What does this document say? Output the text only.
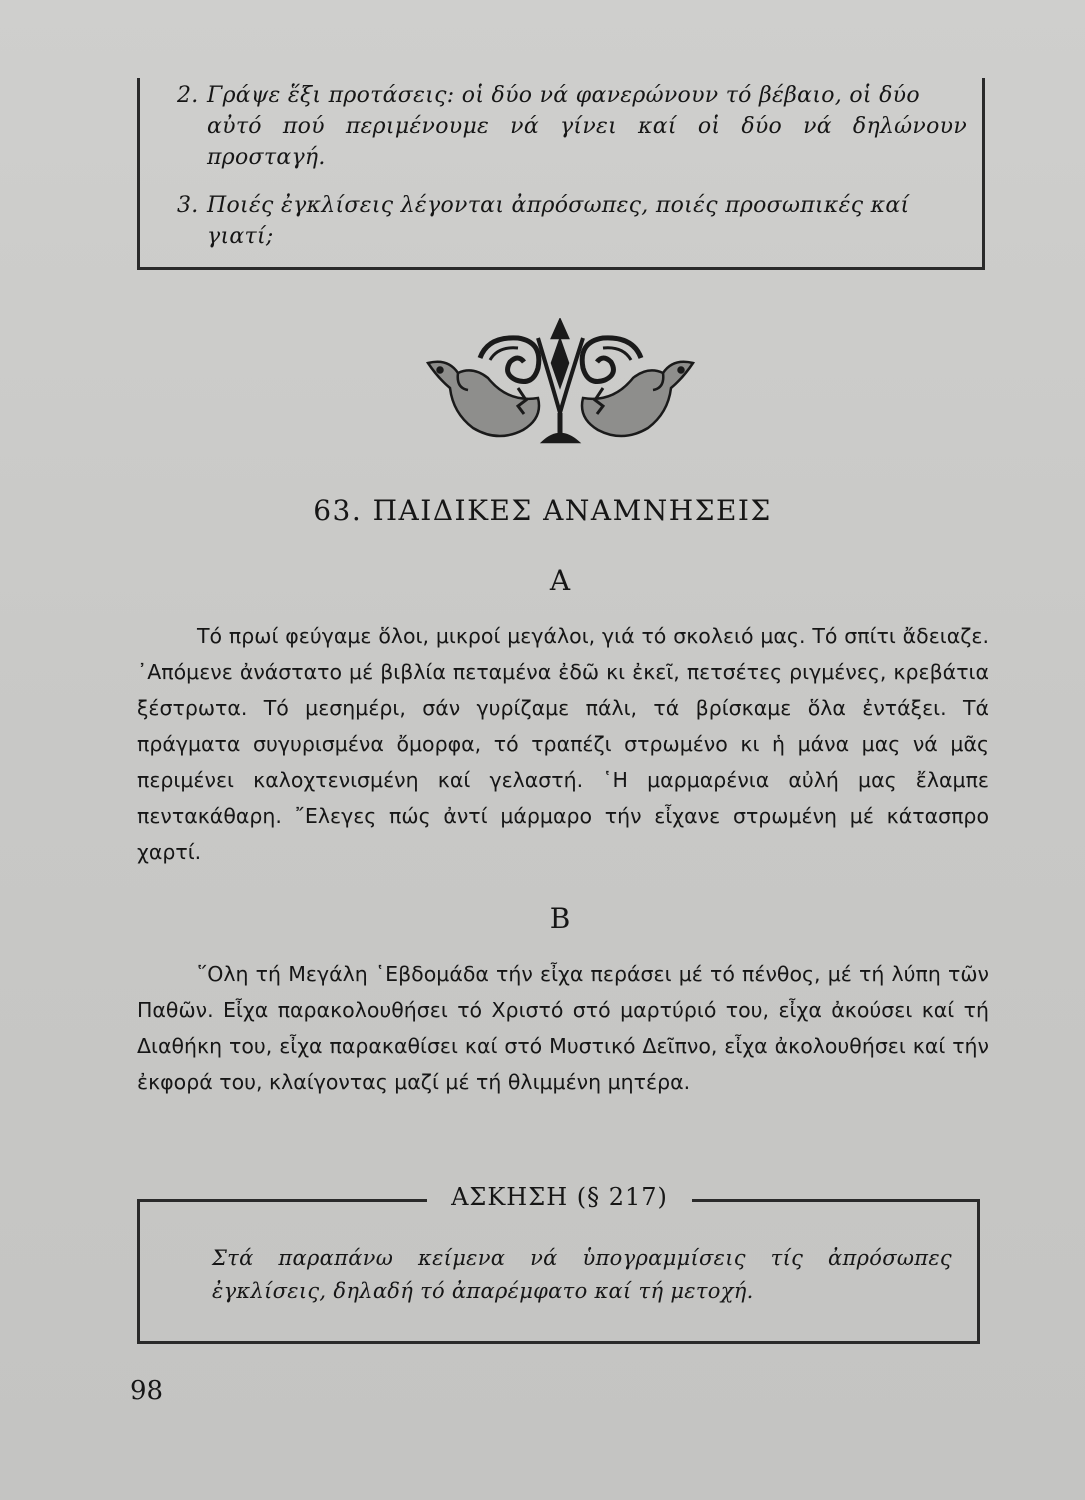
2. Γράψε ἕξι προτάσεις: οἱ δύο νά φανερώνουν τό βέβαιο, οἱ δύο
αὐτό πού περιμένουμε νά γίνει καί οἱ δύο νά δηλώνουν προσταγή.
3. Ποιές ἐγκλίσεις λέγονται ἀπρόσωπες, ποιές προσωπικές καί
γιατί;
63. ΠΑΙΔΙΚΕΣ ΑΝΑΜΝΗΣΕΙΣ
Α

Τό πρωί φεύγαμε ὅλοι, μικροί μεγάλοι, γιά τό σκολειό μας. Τό σπίτι ἄδειαζε. ᾿Απόμενε ἀνάστατο μέ βιβλία πεταμένα ἐδῶ κι ἐκεῖ, πετσέτες ριγμένες, κρεβάτια ξέστρωτα. Τό μεσημέρι, σάν γυρίζαμε πάλι, τά βρίσκαμε ὅλα ἐντάξει. Τά πράγματα συγυρισμένα ὄμορφα, τό τραπέζι στρωμένο κι ἡ μάνα μας νά μᾶς περιμένει καλοχτενισμένη καί γελαστή. ῾Η μαρμαρένια αὐλή μας ἔλαμπε πεντακάθαρη. ῎Ελεγες πώς ἀντί μάρμαρο τήν εἶχανε στρωμένη μέ κάτασπρο χαρτί.

Β

῞Ολη τή Μεγάλη ῾Εβδομάδα τήν εἶχα περάσει μέ τό πένθος, μέ τή λύπη τῶν Παθῶν. Εἶχα παρακολουθήσει τό Χριστό στό μαρτύριό του, εἶχα ἀκούσει καί τή Διαθήκη του, εἶχα παρακαθίσει καί στό Μυστικό Δεῖπνο, εἶχα ἀκολουθήσει καί τήν ἐκφορά του, κλαίγοντας μαζί μέ τή θλιμμένη μητέρα.

ΑΣΚΗΣΗ (§ 217)
Στά παραπάνω κείμενα νά ὑπογραμμίσεις τίς ἀπρόσωπες ἐγκλίσεις, δηλαδή τό ἀπαρέμφατο καί τή μετοχή.
98
